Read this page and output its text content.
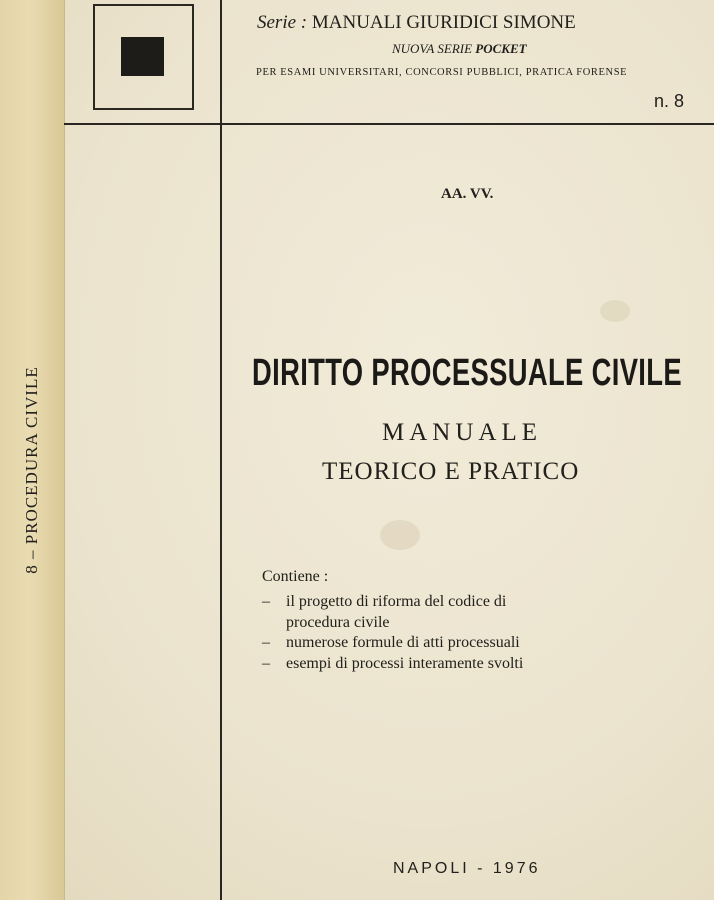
8 – PROCEDURA CIVILE
Serie : MANUALI GIURIDICI SIMONE
NUOVA SERIE POCKET
PER ESAMI UNIVERSITARI, CONCORSI PUBBLICI, PRATICA FORENSE
n. 8
AA. VV.
DIRITTO PROCESSUALE CIVILE
MANUALE
TEORICO E PRATICO
Contiene :
– il progetto di riforma del codice di
procedura civile
– numerose formule di atti processuali
– esempi di processi interamente svolti
NAPOLI - 1976
